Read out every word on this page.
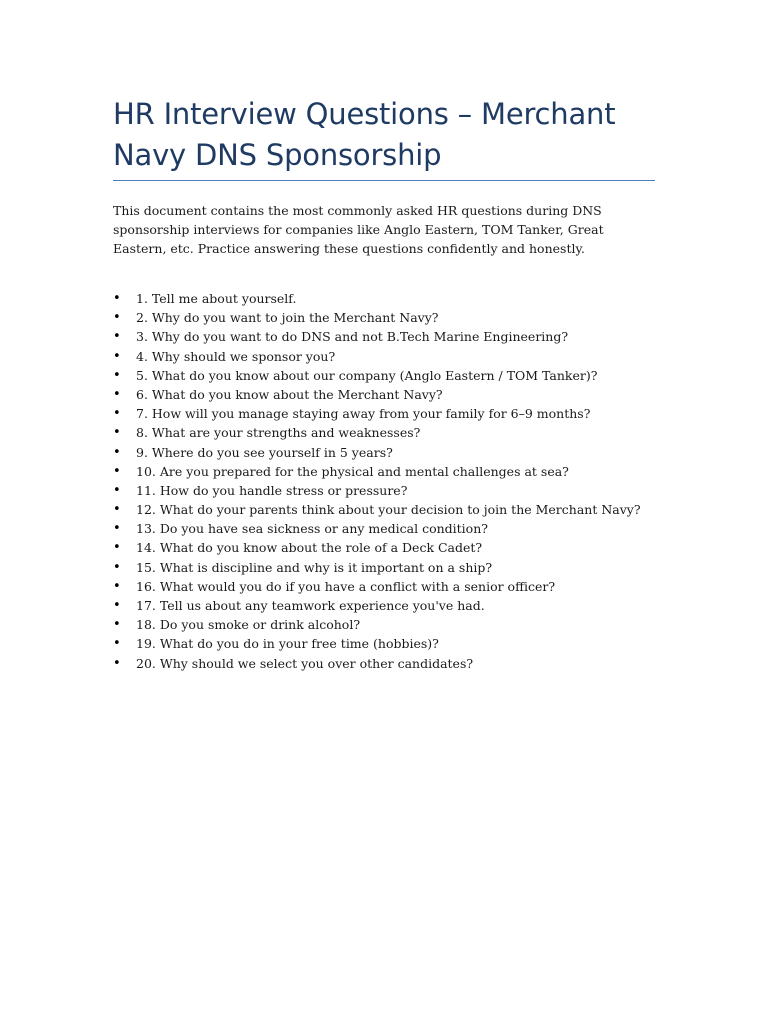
HR Interview Questions – Merchant Navy DNS Sponsorship

This document contains the most commonly asked HR questions during DNS sponsorship interviews for companies like Anglo Eastern, TOM Tanker, Great Eastern, etc. Practice answering these questions confidently and honestly.

• 1. Tell me about yourself.
• 2. Why do you want to join the Merchant Navy?
• 3. Why do you want to do DNS and not B.Tech Marine Engineering?
• 4. Why should we sponsor you?
• 5. What do you know about our company (Anglo Eastern / TOM Tanker)?
• 6. What do you know about the Merchant Navy?
• 7. How will you manage staying away from your family for 6–9 months?
• 8. What are your strengths and weaknesses?
• 9. Where do you see yourself in 5 years?
• 10. Are you prepared for the physical and mental challenges at sea?
• 11. How do you handle stress or pressure?
• 12. What do your parents think about your decision to join the Merchant Navy?
• 13. Do you have sea sickness or any medical condition?
• 14. What do you know about the role of a Deck Cadet?
• 15. What is discipline and why is it important on a ship?
• 16. What would you do if you have a conflict with a senior officer?
• 17. Tell us about any teamwork experience you've had.
• 18. Do you smoke or drink alcohol?
• 19. What do you do in your free time (hobbies)?
• 20. Why should we select you over other candidates?
